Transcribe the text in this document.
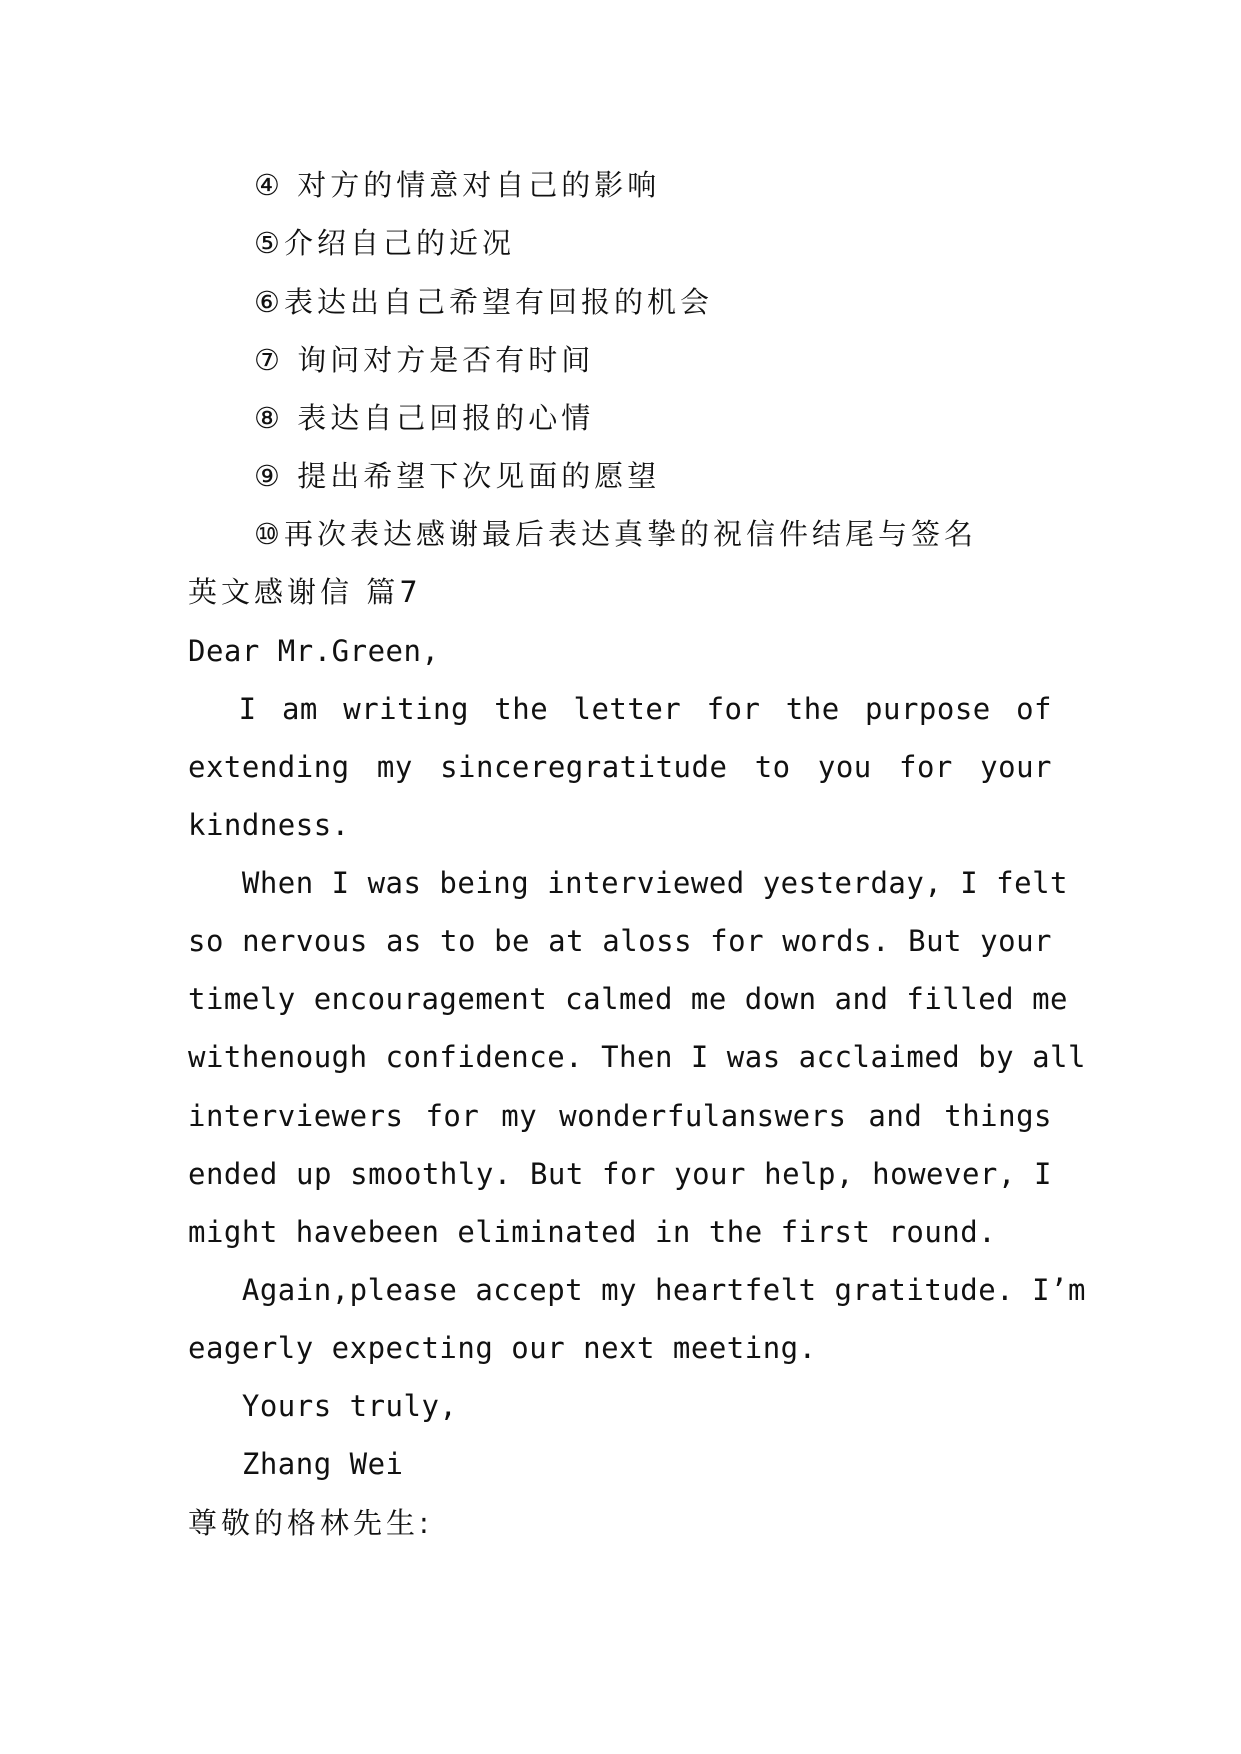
④ 对方的情意对自己的影响
⑤介绍自己的近况
⑥表达出自己希望有回报的机会
⑦ 询问对方是否有时间
⑧ 表达自己回报的心情
⑨ 提出希望下次见面的愿望
⑩再次表达感谢最后表达真挚的祝信件结尾与签名
英文感谢信 篇7
Dear Mr.Green,
I am writing the letter for the purpose of
extending my sinceregratitude to you for your
kindness.
When I was being interviewed yesterday, I felt
so nervous as to be at aloss for words. But your
timely encouragement calmed me down and filled me
withenough confidence. Then I was acclaimed by all
interviewers for my wonderfulanswers and things
ended up smoothly. But for your help, however, I
might havebeen eliminated in the first round.
Again,please accept my heartfelt gratitude. I’m
eagerly expecting our next meeting.
Yours truly,
Zhang Wei
尊敬的格林先生:
